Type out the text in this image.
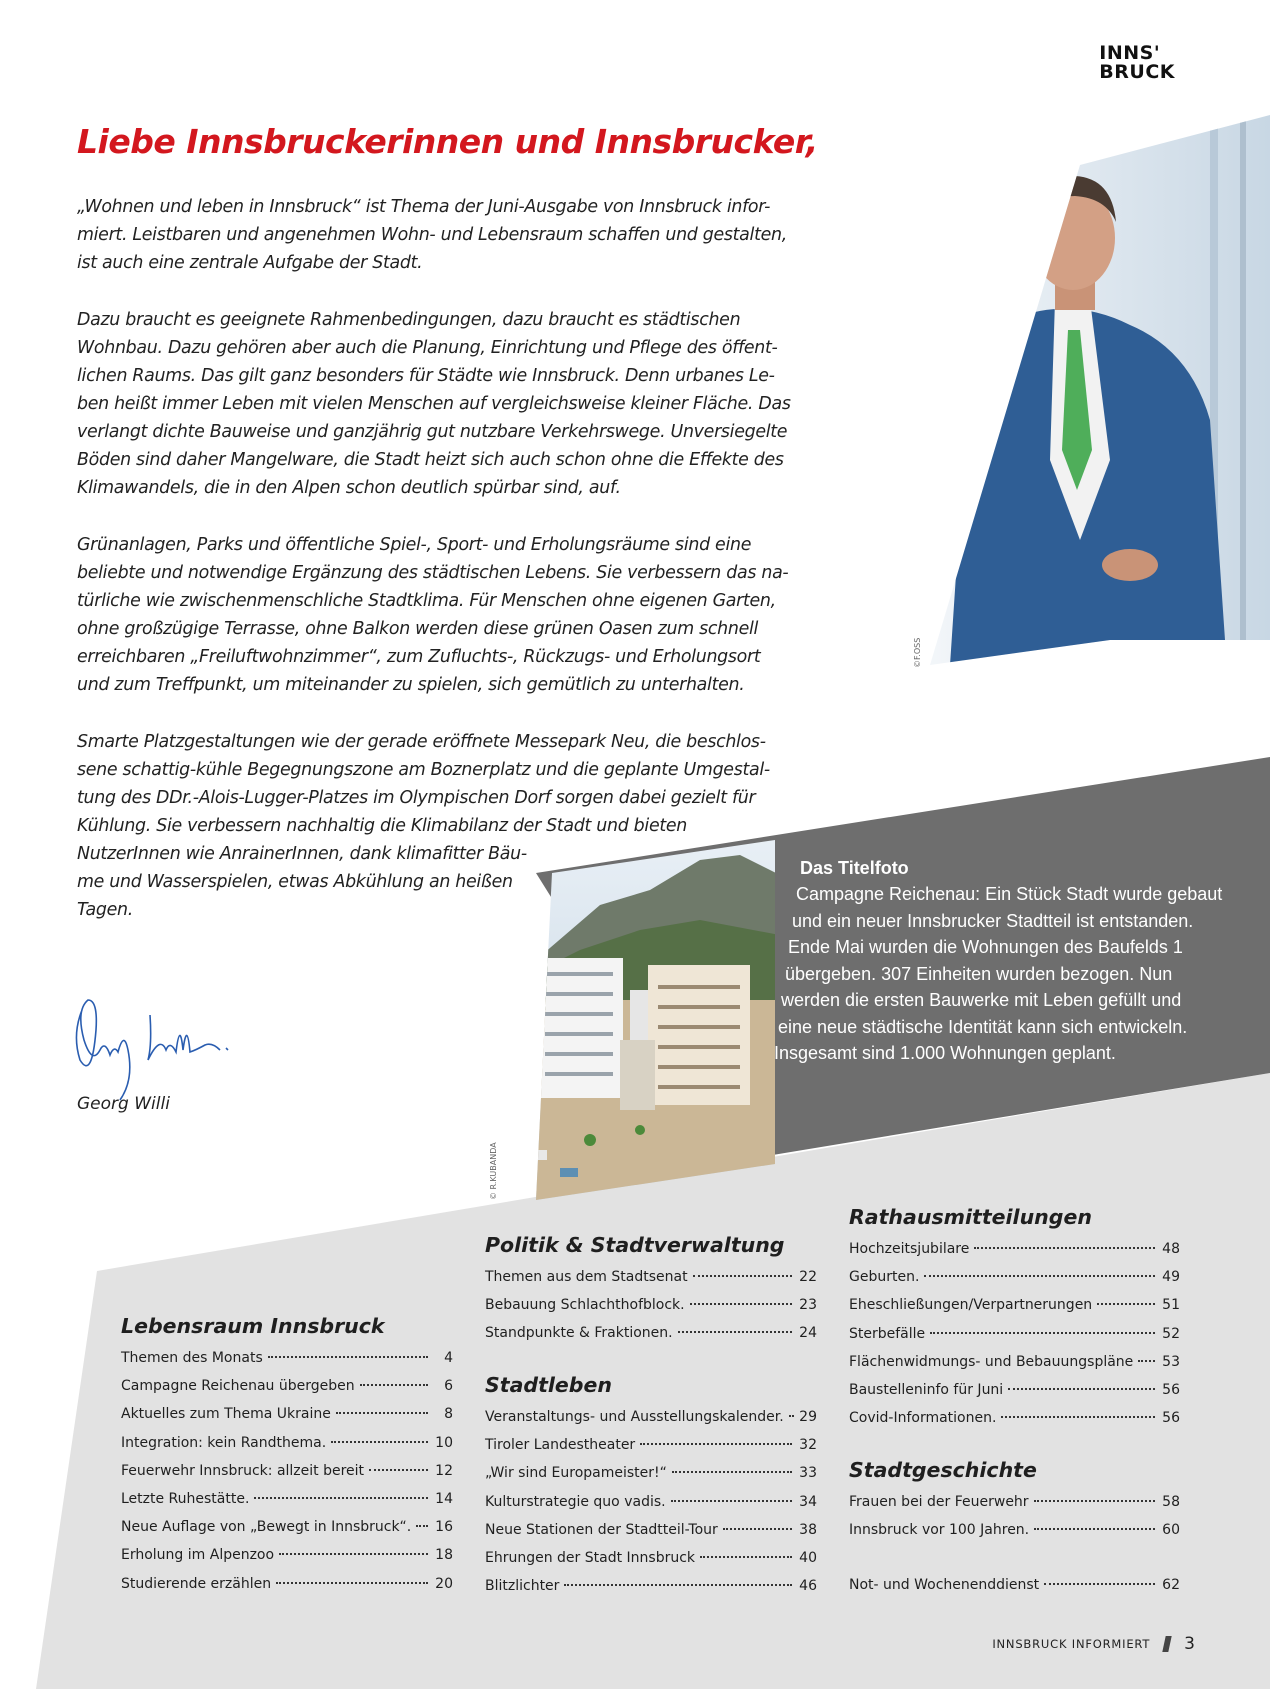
©F.OSS
© R.KUBANDA
INNS'
BRUCK
Liebe Innsbruckerinnen und Innsbrucker,

„Wohnen und leben in Innsbruck“ ist Thema der Juni-Ausgabe von Innsbruck infor-
miert. Leistbaren und angenehmen Wohn- und Lebensraum schaffen und gestalten,
ist auch eine zentrale Aufgabe der Stadt.

Dazu braucht es geeignete Rahmenbedingungen, dazu braucht es städtischen
Wohnbau. Dazu gehören aber auch die Planung, Einrichtung und Pflege des öffent-
lichen Raums. Das gilt ganz besonders für Städte wie Innsbruck. Denn urbanes Le-
ben heißt immer Leben mit vielen Menschen auf vergleichsweise kleiner Fläche. Das
verlangt dichte Bauweise und ganzjährig gut nutzbare Verkehrswege. Unversiegelte
Böden sind daher Mangelware, die Stadt heizt sich auch schon ohne die Effekte des
Klimawandels, die in den Alpen schon deutlich spürbar sind, auf.

Grünanlagen, Parks und öffentliche Spiel-, Sport- und Erholungsräume sind eine
beliebte und notwendige Ergänzung des städtischen Lebens. Sie verbessern das na-
türliche wie zwischenmenschliche Stadtklima. Für Menschen ohne eigenen Garten,
ohne großzügige Terrasse, ohne Balkon werden diese grünen Oasen zum schnell
erreichbaren „Freiluftwohnzimmer“, zum Zufluchts-, Rückzugs- und Erholungsort
und zum Treffpunkt, um miteinander zu spielen, sich gemütlich zu unterhalten.

Smarte Platzgestaltungen wie der gerade eröffnete Messepark Neu, die beschlos-
sene schattig-kühle Begegnungszone am Boznerplatz und die geplante Umgestal-
tung des DDr.-Alois-Lugger-Platzes im Olympischen Dorf sorgen dabei gezielt für
Kühlung. Sie verbessern nachhaltig die Klimabilanz der Stadt und bieten
NutzerInnen wie AnrainerInnen, dank klimafitter Bäu-
me und Wasserspielen, etwas Abkühlung an heißen
Tagen.

Georg Willi
Das Titelfoto
Campagne Reichenau: Ein Stück Stadt wurde gebaut
und ein neuer Innsbrucker Stadtteil ist entstanden.
Ende Mai wurden die Wohnungen des Baufelds 1
übergeben. 307 Einheiten wurden bezogen. Nun
werden die ersten Bauwerke mit Leben gefüllt und
eine neue städtische Identität kann sich entwickeln.
Insgesamt sind 1.000 Wohnungen geplant.
Lebensraum Innsbruck
Themen des Monats	4
Campagne Reichenau übergeben	6
Aktuelles zum Thema Ukraine	8
Integration: kein Randthema.	10
Feuerwehr Innsbruck: allzeit bereit	12
Letzte Ruhestätte.	14
Neue Auflage von „Bewegt in Innsbruck“. 16
Erholung im Alpenzoo	18
Studierende erzählen	20
Politik & Stadtverwaltung
Themen aus dem Stadtsenat	22
Bebauung Schlachthofblock.	23
Standpunkte & Fraktionen.	24
Stadtleben
Veranstaltungs- und Ausstellungskalender. 29
Tiroler Landestheater	32
„Wir sind Europameister!“	33
Kulturstrategie quo vadis.	34
Neue Stationen der Stadtteil-Tour	38
Ehrungen der Stadt Innsbruck	40
Blitzlichter	46
Rathausmitteilungen
Hochzeitsjubilare	48
Geburten.	49
Eheschließungen/Verpartnerungen	51
Sterbefälle	52
Flächenwidmungs- und Bebauungspläne 53
Baustelleninfo für Juni	56
Covid-Informationen.	56
Stadtgeschichte
Frauen bei der Feuerwehr	58
Innsbruck vor 100 Jahren.	60
Not- und Wochenenddienst	62
INNSBRUCK INFORMIERT 3
